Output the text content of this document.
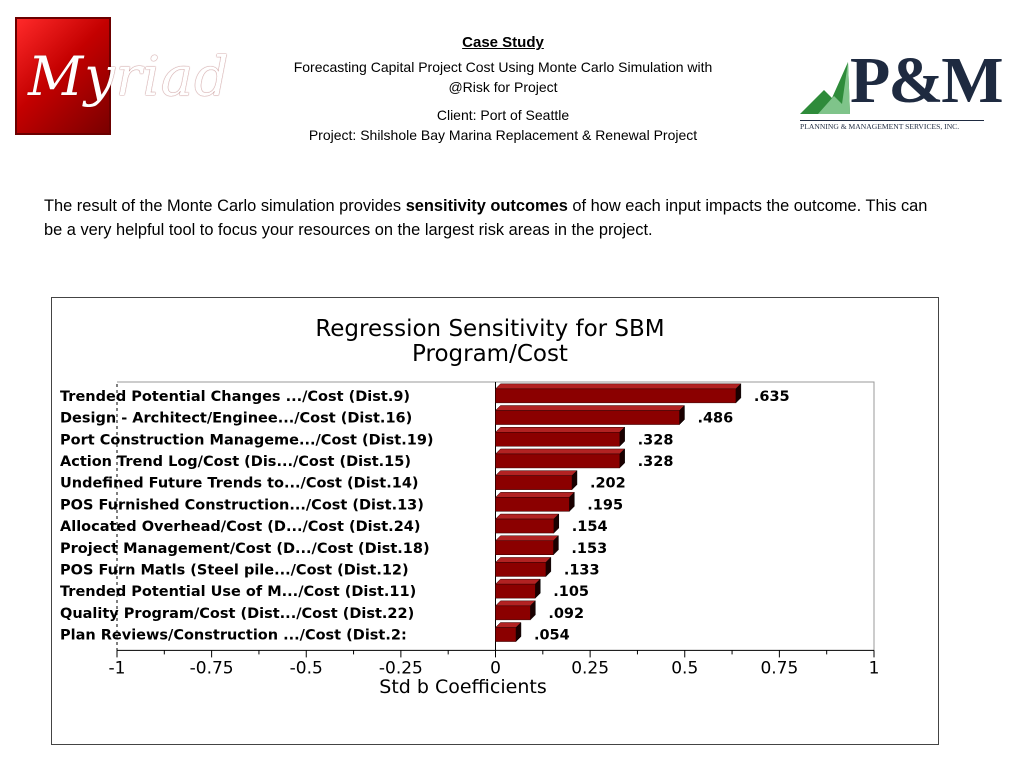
Myriad	P&M
PLANNING & MANAGEMENT SERVICES, INC.
Case Study
Forecasting Capital Project Cost Using Monte Carlo Simulation with
@Risk for Project
Client: Port of Seattle
Project: Shilshole Bay Marina Replacement & Renewal Project
The result of the Monte Carlo simulation provides sensitivity outcomes of how each input impacts the outcome. This can be a very helpful tool to focus your resources on the largest risk areas in the project.
Regression Sensitivity for SBM
Program/Cost
Std b Coefficients
-1	-0.75	-0.5	-0.25	0	0.25	0.5	0.75	1
Trended Potential Changes .../Cost (Dist.9)	.635
Design - Architect/Enginee.../Cost (Dist.16)	.486
Port Construction Manageme.../Cost (Dist.19)	.328
Action Trend Log/Cost (Dis.../Cost (Dist.15)	.328
Undefined Future Trends to.../Cost (Dist.14)	.202
POS Furnished Construction.../Cost (Dist.13)	.195
Allocated Overhead/Cost (D.../Cost (Dist.24)	.154
Project Management/Cost (D.../Cost (Dist.18)	.153
POS Furn Matls (Steel pile.../Cost (Dist.12)	.133
Trended Potential Use of M.../Cost (Dist.11)	.105
Quality Program/Cost (Dist.../Cost (Dist.22)	.092
Plan Reviews/Construction .../Cost (Dist.2:	.054
